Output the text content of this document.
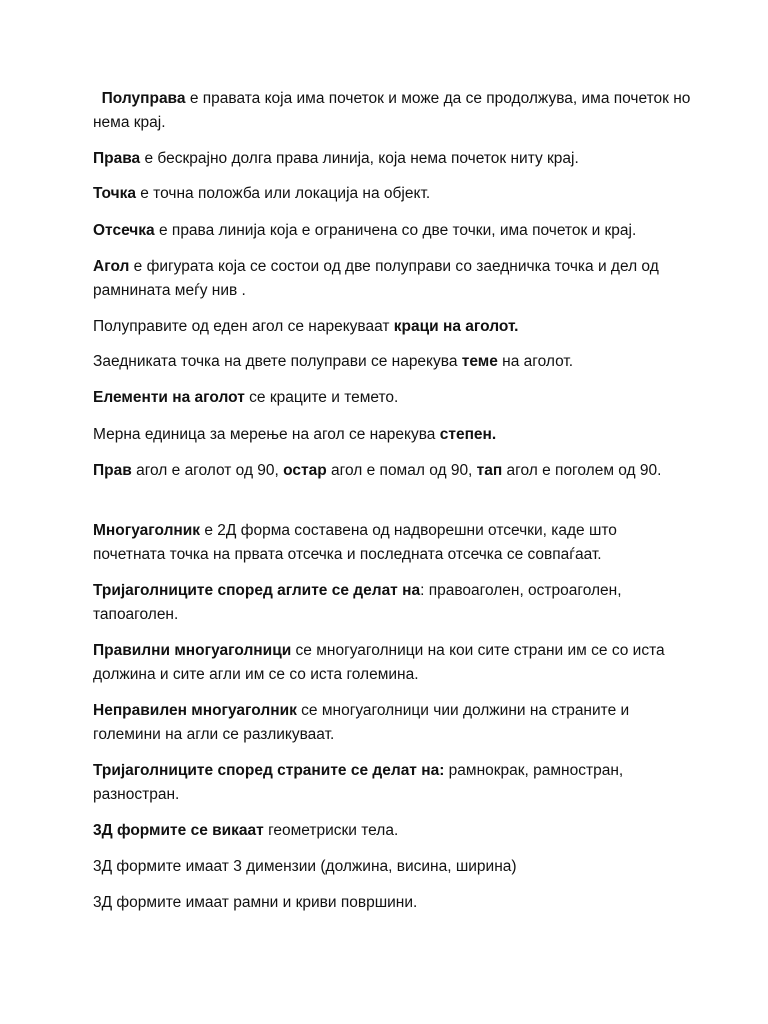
Полуправа е правата која има почеток и може да се продолжува, има почеток но нема крај.

Права е бескрајно долга права линија, која нема почеток ниту крај.

Точка е точна положба или локација на објект.

Отсечка е права линија која е ограничена со две точки, има почеток и крај.

Агол е фигурата која се состои од две полуправи со заедничка точка и дел од рамнината меѓу нив .

Полуправите од еден агол се нарекуваат краци на аголот.

Заедниката точка на двете полуправи се нарекува теме на аголот.

Елементи на аголот се краците и темето.

Мерна единица за мерење на агол се нарекува степен.

Прав агол е аголот од 90, остар агол е помал од 90, тап агол е поголем од 90.

Многуаголник е 2Д форма составена од надворешни отсечки, каде што почетната точка на првата отсечка и последната отсечка се совпаѓаат.

Тријаголниците според аглите се делат на: правоаголен, остроаголен, тапоаголен.

Правилни многуаголници се многуаголници на кои сите страни им се со иста должина и сите агли им се со иста големина.

Неправилен многуаголник се многуаголници чии должини на страните и големини на агли се разликуваат.

Тријаголниците според страните се делат на: рамнокрак, рамностран, разностран.

3Д формите се викаат геометриски тела.

3Д формите имаат 3 димензии (должина, висина, ширина)

3Д формите имаат рамни и криви површини.
